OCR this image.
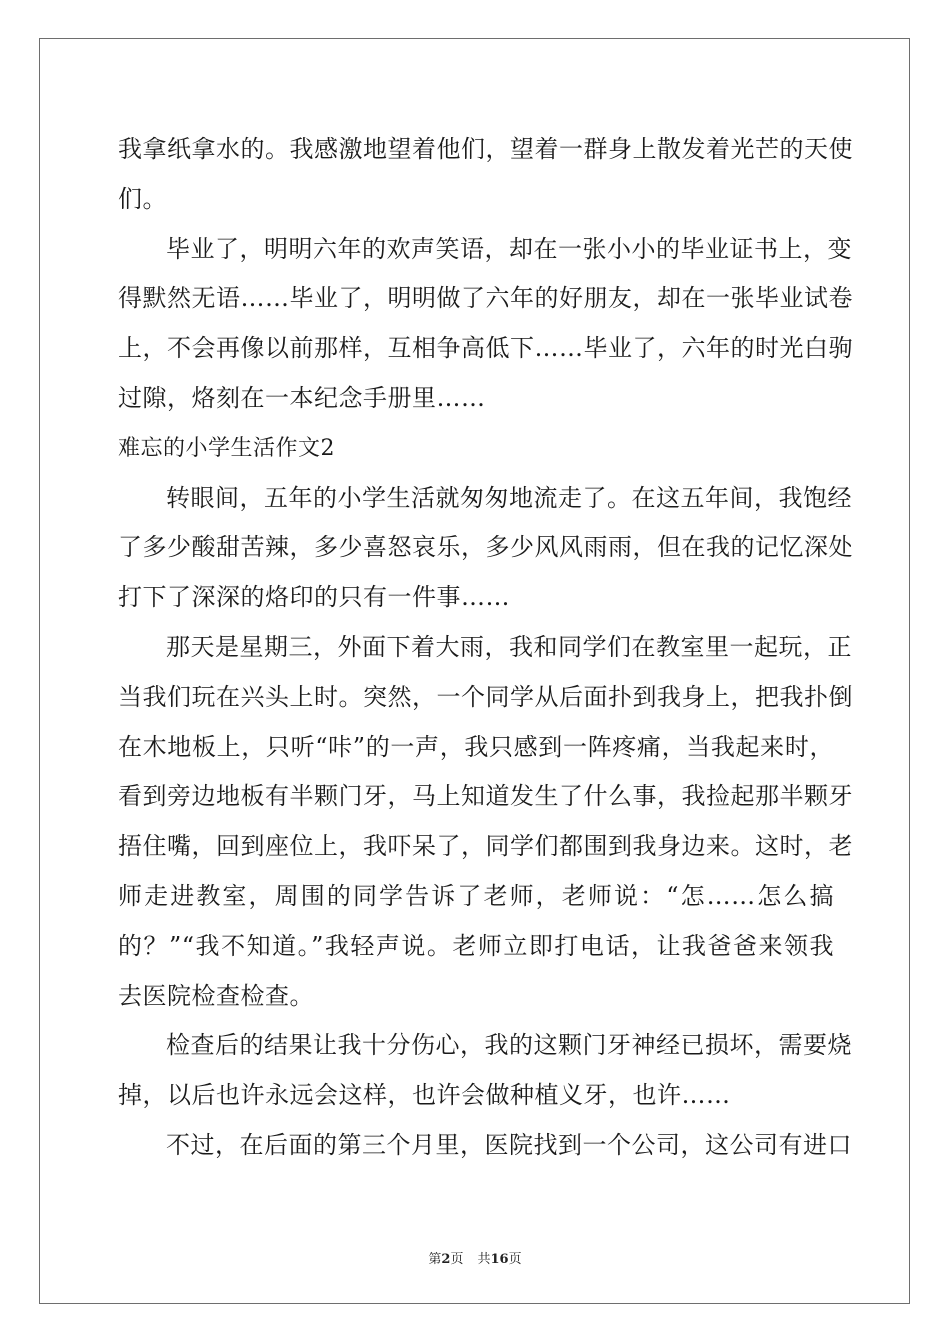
我拿纸拿水的。我感激地望着他们，望着一群身上散发着光芒的天使
们。
毕业了，明明六年的欢声笑语，却在一张小小的毕业证书上，变
得默然无语……毕业了，明明做了六年的好朋友，却在一张毕业试卷
上，不会再像以前那样，互相争高低下……毕业了，六年的时光白驹
过隙，烙刻在一本纪念手册里……
难忘的小学生活作文2
转眼间，五年的小学生活就匆匆地流走了。在这五年间，我饱经
了多少酸甜苦辣，多少喜怒哀乐，多少风风雨雨，但在我的记忆深处
打下了深深的烙印的只有一件事……
那天是星期三，外面下着大雨，我和同学们在教室里一起玩，正
当我们玩在兴头上时。突然，一个同学从后面扑到我身上，把我扑倒
在木地板上，只听“咔”的一声，我只感到一阵疼痛，当我起来时，
看到旁边地板有半颗门牙，马上知道发生了什么事，我捡起那半颗牙
捂住嘴，回到座位上，我吓呆了，同学们都围到我身边来。这时，老
师走进教室，周围的同学告诉了老师，老师说：“怎……怎么搞
的？”“我不知道。”我轻声说。老师立即打电话，让我爸爸来领我
去医院检查检查。
检查后的结果让我十分伤心，我的这颗门牙神经已损坏，需要烧
掉，以后也许永远会这样，也许会做种植义牙，也许……
不过，在后面的第三个月里，医院找到一个公司，这公司有进口
第2页 共16页
